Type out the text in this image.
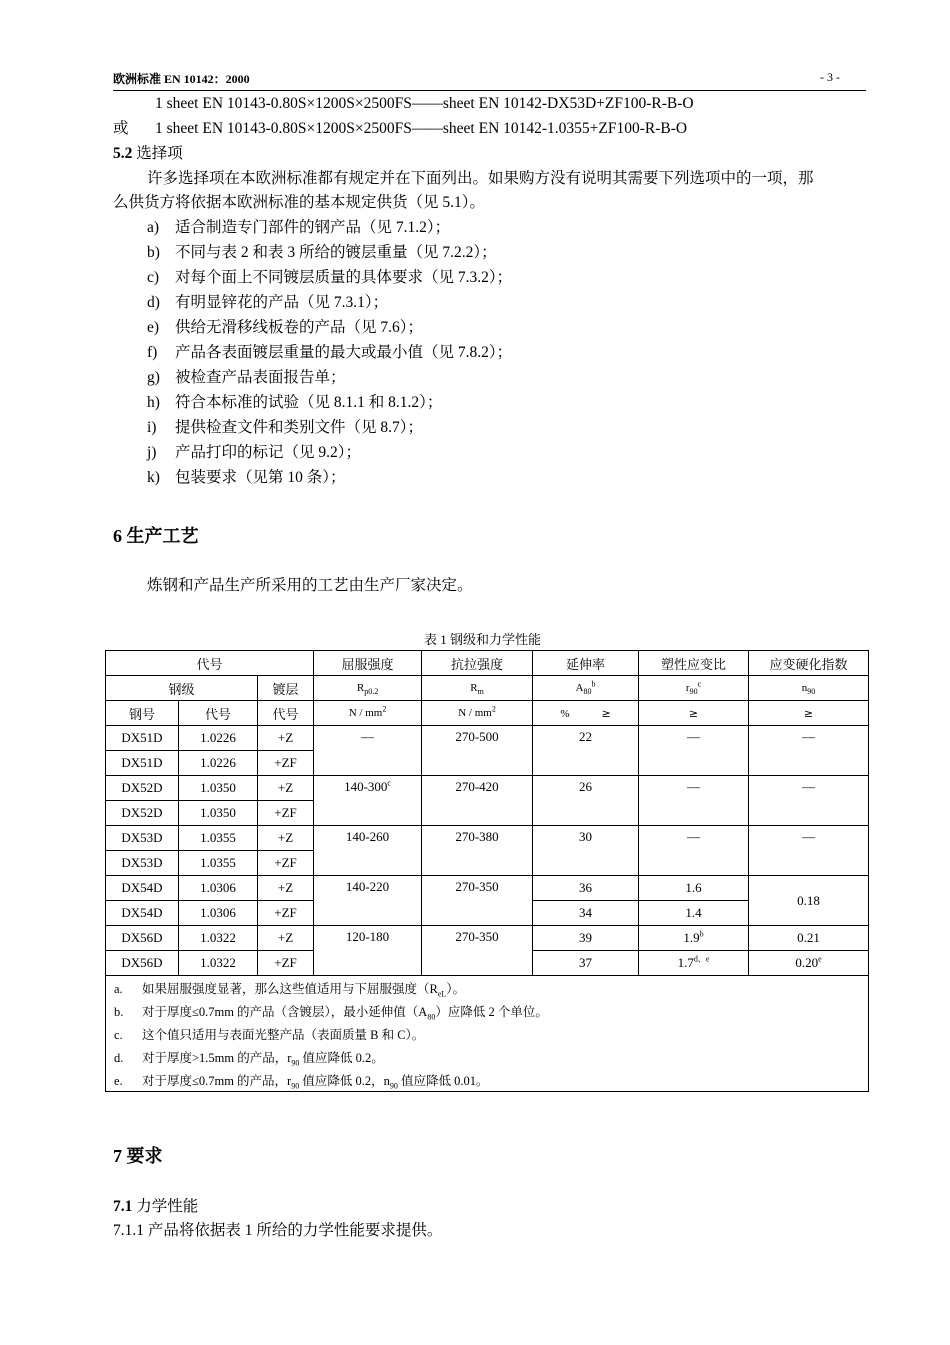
欧洲标准 EN 10142：2000	- 3 -
1 sheet EN 10143-0.80S×1200S×2500FS——sheet EN 10142-DX53D+ZF100-R-B-O
或 1 sheet EN 10143-0.80S×1200S×2500FS——sheet EN 10142-1.0355+ZF100-R-B-O
5.2 选择项
许多选择项在本欧洲标准都有规定并在下面列出。如果购方没有说明其需要下列选项中的一项，那
么供货方将依据本欧洲标准的基本规定供货（见 5.1）。
a) 适合制造专门部件的钢产品（见 7.1.2）；
b) 不同与表 2 和表 3 所给的镀层重量（见 7.2.2）；
c) 对每个面上不同镀层质量的具体要求（见 7.3.2）；
d) 有明显锌花的产品（见 7.3.1）；
e) 供给无滑移线板卷的产品（见 7.6）；
f) 产品各表面镀层重量的最大或最小值（见 7.8.2）；
g) 被检查产品表面报告单；
h) 符合本标准的试验（见 8.1.1 和 8.1.2）；
i) 提供检查文件和类别文件（见 8.7）；
j) 产品打印的标记（见 9.2）；
k) 包装要求（见第 10 条）；
6 生产工艺
炼钢和产品生产所采用的工艺由生产厂家决定。
表 1 钢级和力学性能
代号			屈服强度	抗拉强度	延伸率	塑性应变比	应变硬化指数
钢级		镀层	$R_{p0.2}$	$R_m$	$A_{80}^b$	$r_{90}^c$	$n_{90}$
钢号	代号	代号	N / $mm^2$	N / $mm^2$	% ≥	≥	≥
DX51D	1.0226	+Z	—	270-500	22	—	—
DX51D	1.0226	+ZF					
DX52D	1.0350	+Z	140-300$^c$	270-420	26	—	—
DX52D	1.0350	+ZF					
DX53D	1.0355	+Z	140-260	270-380	30	—	—
DX53D	1.0355	+ZF					
DX54D	1.0306	+Z	140-220	270-350	36	1.6	0.18
DX54D	1.0306	+ZF			34	1.4	
DX56D	1.0322	+Z	120-180	270-350	39	1.9$^b$	0.21
DX56D	1.0322	+ZF			37	$1.7^{d、e}$	0.20e
a. 如果屈服强度显著，那么这些值适用与下屈服强度$(R_{eL})$。							
b. 对于厚度≤0.7mm 的产品（含镀层），最小延伸值$(A_{80})$应降低 2 个单位。							
c. 这个值只适用与表面光整产品（表面质量 B 和 C）。							
d. 对于厚度>1.5mm 的产品，$r_{90}$ 值应降低 0.2。							
e. 对于厚度≤0.7mm 的产品，$r_{90}$ 值应降低 0.2，$n_{90}$ 值应降低 0.01。							
7 要求
7.1 力学性能
7.1.1 产品将依据表 1 所给的力学性能要求提供。
